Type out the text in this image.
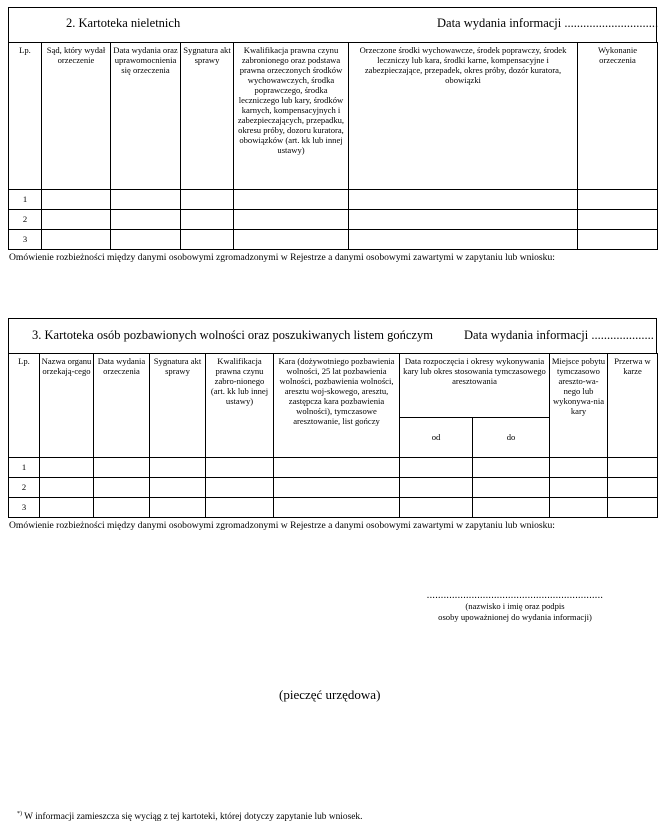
2. Kartoteka nieletnich	Data wydania informacji ..............................
Lp.	Sąd, który wydał orzeczenie	Data wydania oraz uprawomocnienia się orzeczenia	Sygnatura akt sprawy	Kwalifikacja prawna czynu zabronionego oraz podstawa prawna orzeczonych środków wychowawczych, środka poprawczego, środka leczniczego lub kary, środków karnych, kompensacyjnych i zabezpieczających, przepadku, okresu próby, dozoru kuratora, obowiązków (art. kk lub innej ustawy)	Orzeczone środki wychowawcze, środek poprawczy, środek leczniczy lub kara, środki karne, kompensacyjne i zabezpieczające, przepadek, okres próby, dozór kuratora, obowiązki	Wykonanie orzeczenia
1						
2						
3						
Omówienie rozbieżności między danymi osobowymi zgromadzonymi w Rejestrze a danymi osobowymi zawartymi w zapytaniu lub wniosku:
3. Kartoteka osób pozbawionych wolności oraz poszukiwanych listem gończym Data wydania informacji ....................
Lp.	Nazwa organu orzekają-cego	Data wydania orzeczenia	Sygnatura akt sprawy	Kwalifikacja prawna czynu zabro-nionego (art. kk lub innej ustawy)	Kara (dożywotniego pozbawienia wolności, 25 lat pozbawienia wolności, pozbawienia wolności, aresztu woj-skowego, aresztu, zastępcza kara pozbawienia wolności), tymczasowe aresztowanie, list gończy	Data rozpoczęcia i okresy wykonywania kary lub okres stosowania tymczasowego aresztowania		Miejsce pobytu tymczasowo areszto-wa-nego lub wykonywa-nia kary	Przerwa w karze
						od	do		
1									
2									
3									
Omówienie rozbieżności między danymi osobowymi zgromadzonymi w Rejestrze a danymi osobowymi zawartymi w zapytaniu lub wniosku:
...............................................................
(nazwisko i imię oraz podpis
osoby upoważnionej do wydania informacji)
(pieczęć urzędowa)
*) W informacji zamieszcza się wyciąg z tej kartoteki, której dotyczy zapytanie lub wniosek.
